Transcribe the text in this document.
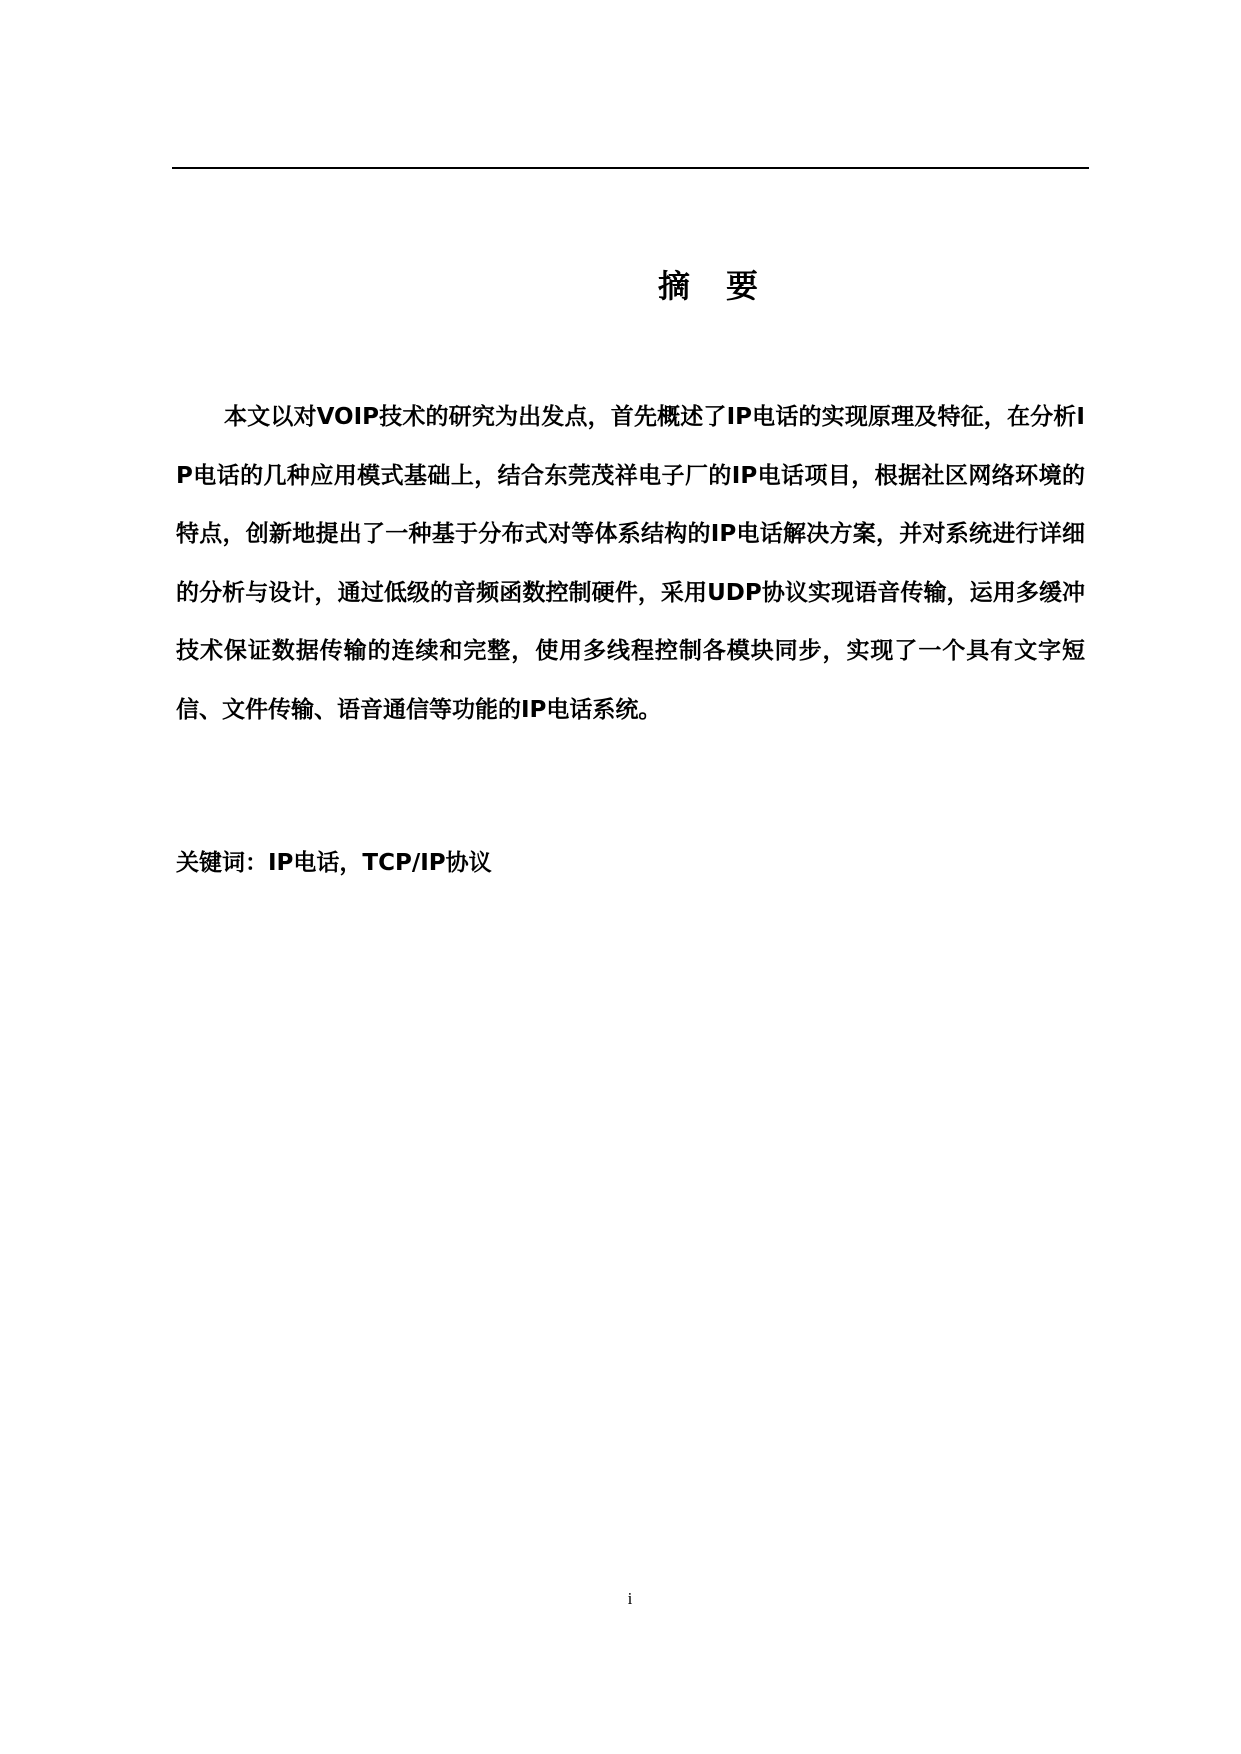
摘 要

本文以对VOIP技术的研究为出发点，首先概述了IP电话的实现原理及特征，在分析IP电话的几种应用模式基础上，结合东莞茂祥电子厂的IP电话项目，根据社区网络环境的特点，创新地提出了一种基于分布式对等体系结构的IP电话解决方案，并对系统进行详细的分析与设计，通过低级的音频函数控制硬件，采用UDP协议实现语音传输，运用多缓冲技术保证数据传输的连续和完整，使用多线程控制各模块同步，实现了一个具有文字短信、文件传输、语音通信等功能的IP电话系统。

关键词：IP电话，TCP/IP协议

i
